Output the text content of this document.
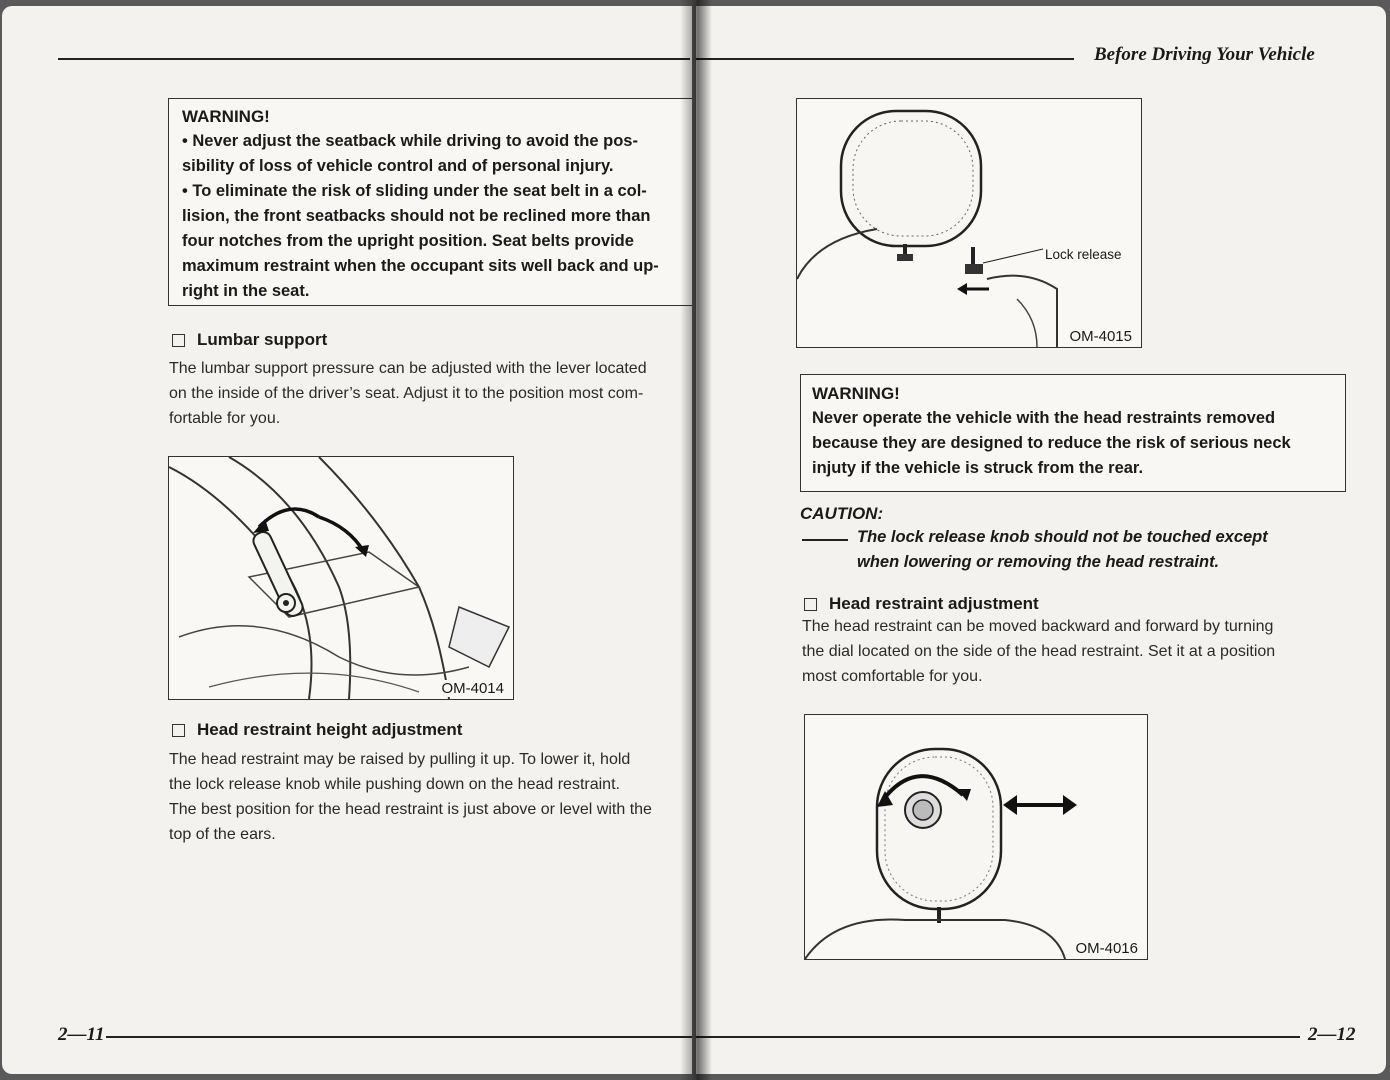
WARNING!
• Never adjust the seatback while driving to avoid the pos-
sibility of loss of vehicle control and of personal injury.
• To eliminate the risk of sliding under the seat belt in a col-
lision, the front seatbacks should not be reclined more than
four notches from the upright position. Seat belts provide
maximum restraint when the occupant sits well back and up-
right in the seat.
Lumbar support
The lumbar support pressure can be adjusted with the lever located
on the inside of the driver’s seat. Adjust it to the position most com-
fortable for you.
OM-4014
Head restraint height adjustment
The head restraint may be raised by pulling it up. To lower it, hold
the lock release knob while pushing down on the head restraint.
The best position for the head restraint is just above or level with the
top of the ears.
2—11
Before Driving Your Vehicle
Lock release
OM-4015
WARNING!
Never operate the vehicle with the head restraints removed
because they are designed to reduce the risk of serious neck
injuty if the vehicle is struck from the rear.
CAUTION:
The lock release knob should not be touched except
when lowering or removing the head restraint.
Head restraint adjustment
The head restraint can be moved backward and forward by turning
the dial located on the side of the head restraint. Set it at a position
most comfortable for you.
OM-4016
2—12
